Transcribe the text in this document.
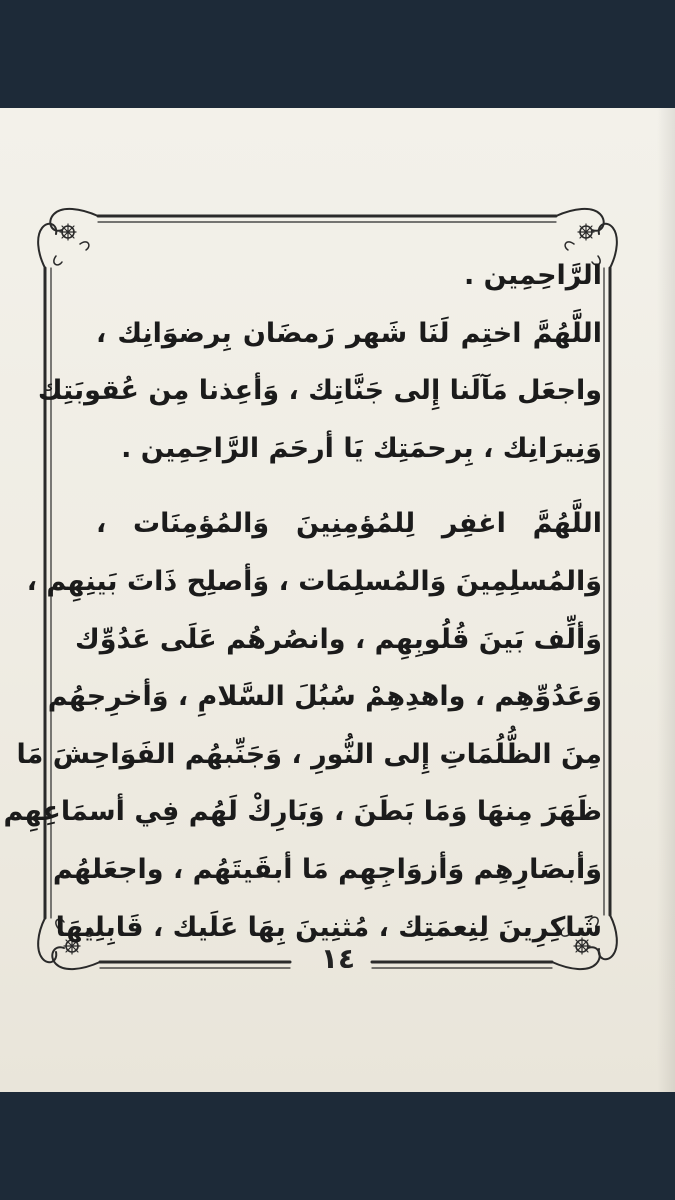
الرَّاحِمِين .
اللَّهُمَّ اختِم لَنَا شَهر رَمضَان بِرضوَانِك ،
واجعَل مَآلَنا إِلى جَنَّاتِك ، وَأعِذنا مِن عُقوبَتِك
وَنِيرَانِك ، بِرحمَتِك يَا أرحَمَ الرَّاحِمِين .
اللَّهُمَّ اغفِر لِلمُؤمِنِينَ وَالمُؤمِنَات ،
وَالمُسلِمِينَ وَالمُسلِمَات ، وَأصلِح ذَاتَ بَينِهِم ،
وَألِّف بَينَ قُلُوبِهِم ، وانصُرهُم عَلَى عَدُوِّك
وَعَدُوِّهِم ، واهدِهِمْ سُبُلَ السَّلامِ ، وَأخرِجهُم
مِنَ الظُّلُمَاتِ إِلى النُّورِ ، وَجَنِّبهُم الفَوَاحِشَ مَا
ظَهَرَ مِنهَا وَمَا بَطَنَ ، وَبَارِكْ لَهُم فِي أسمَاعِهِم
وَأبصَارِهِم وَأزوَاجِهِم مَا أبقَيتَهُم ، واجعَلهُم
شَاكِرِينَ لِنِعمَتِك ، مُثنِينَ بِهَا عَلَيك ، قَابِلِيهَا
١٤
